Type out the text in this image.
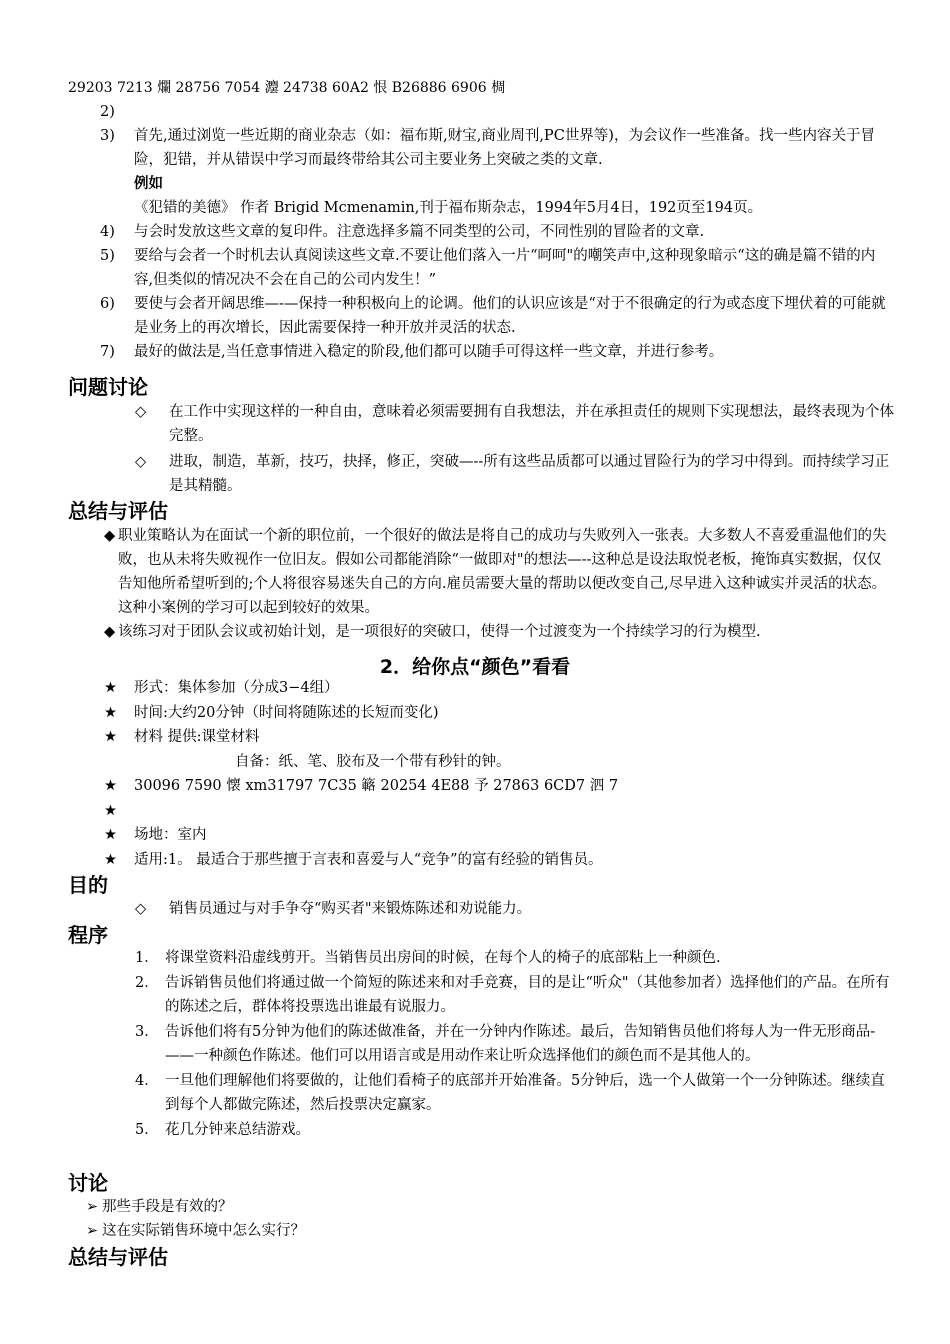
29203 7213 爛 28756 7054 灋 24738 60A2 恨 B26886 6906 椆
2)

3) 首先,通过浏览一些近期的商业杂志（如：福布斯,财宝,商业周刊,PC世界等)，为会议作一些准备。找一些内容关于冒险，犯错，并从错误中学习而最终带给其公司主要业务上突破之类的文章.
例如
《犯错的美德》 作者 Brigid Mcmenamin,刊于福布斯杂志，1994年5月4日，192页至194页。
4) 与会时发放这些文章的复印件。注意选择多篇不同类型的公司，不同性别的冒险者的文章.
5) 要给与会者一个时机去认真阅读这些文章.不要让他们落入一片“呵呵"的嘲笑声中,这种现象暗示“这的确是篇不错的内容,但类似的情况决不会在自己的公司内发生！”
6) 要使与会者开阔思维—-—保持一种积极向上的论调。他们的认识应该是“对于不很确定的行为或态度下埋伏着的可能就是业务上的再次增长，因此需要保持一种开放并灵活的状态.
7) 最好的做法是,当任意事情进入稳定的阶段,他们都可以随手可得这样一些文章，并进行参考。
问题讨论
◇ 在工作中实现这样的一种自由，意味着必须需要拥有自我想法，并在承担责任的规则下实现想法，最终表现为个体完整。
◇ 进取，制造，革新，技巧，抉择，修正，突破—--所有这些品质都可以通过冒险行为的学习中得到。而持续学习正是其精髓。
总结与评估
◆ 职业策略认为在面试一个新的职位前，一个很好的做法是将自己的成功与失败列入一张表。大多数人不喜爱重温他们的失败，也从未将失败视作一位旧友。假如公司都能消除“一做即对"的想法—--这种总是设法取悦老板，掩饰真实数据，仅仅告知他所希望听到的;个人将很容易迷失自己的方向.雇员需要大量的帮助以便改变自己,尽早进入这种诚实并灵活的状态。这种小案例的学习可以起到较好的效果。
◆ 该练习对于团队会议或初始计划，是一项很好的突破口，使得一个过渡变为一个持续学习的行为模型.
2．给你点“颜色”看看
★ 形式：集体参加（分成3−4组）
★ 时间:大约20分钟（时间将随陈述的长短而变化)
★ 材料 提供:课堂材料
自备：纸、笔、胶布及一个带有秒针的钟。
★ 30096 7590 懐 xm31797 7C35 簵 20254 4E88 予 27863 6CD7 泗 7
★
★ 场地：室内
★ 适用:1。 最适合于那些擅于言表和喜爱与人“竞争”的富有经验的销售员。
目的
◇ 销售员通过与对手争夺“购买者"来锻炼陈述和劝说能力。
程序
1． 将课堂资料沿虚线剪开。当销售员出房间的时候，在每个人的椅子的底部粘上一种颜色.
2． 告诉销售员他们将通过做一个简短的陈述来和对手竞赛，目的是让“听众"（其他参加者）选择他们的产品。在所有的陈述之后，群体将投票选出谁最有说服力。
3． 告诉他们将有5分钟为他们的陈述做准备，并在一分钟内作陈述。最后，告知销售员他们将每人为一件无形商品-——一种颜色作陈述。他们可以用语言或是用动作来让听众选择他们的颜色而不是其他人的。
4． 一旦他们理解他们将要做的，让他们看椅子的底部并开始准备。5分钟后，选一个人做第一个一分钟陈述。继续直到每个人都做完陈述，然后投票决定赢家。
5． 花几分钟来总结游戏。
讨论
➢ 那些手段是有效的？
➢ 这在实际销售环境中怎么实行？
总结与评估
